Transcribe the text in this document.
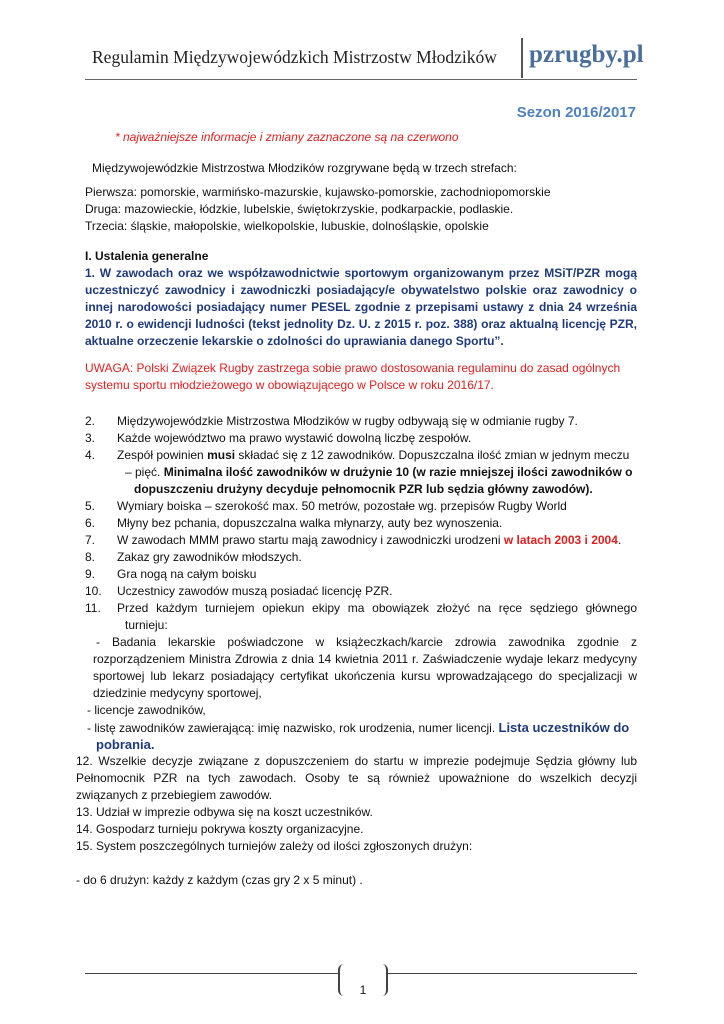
Regulamin Międzywojewódzkich Mistrzostw Młodzików pzrugby.pl
Sezon 2016/2017
* najważniejsze informacje i zmiany zaznaczone są na czerwono
Międzywojewódzkie Mistrzostwa Młodzików rozgrywane będą w trzech strefach:
Pierwsza: pomorskie, warmińsko-mazurskie, kujawsko-pomorskie, zachodniopomorskie
Druga: mazowieckie, łódzkie, lubelskie, świętokrzyskie, podkarpackie, podlaskie.
Trzecia: śląskie, małopolskie, wielkopolskie, lubuskie, dolnośląskie, opolskie
I. Ustalenia generalne
1. W zawodach oraz we współzawodnictwie sportowym organizowanym przez MSiT/PZR mogą uczestniczyć zawodnicy i zawodniczki posiadający/e obywatelstwo polskie oraz zawodnicy o innej narodowości posiadający numer PESEL zgodnie z przepisami ustawy z dnia 24 września 2010 r. o ewidencji ludności (tekst jednolity Dz. U. z 2015 r. poz. 388) oraz aktualną licencję PZR, aktualne orzeczenie lekarskie o zdolności do uprawiania danego Sportu”.
UWAGA: Polski Związek Rugby zastrzega sobie prawo dostosowania regulaminu do zasad ogólnych
systemu sportu młodzieżowego w obowiązującego w Polsce w roku 2016/17.
2. Międzywojewódzkie Mistrzostwa Młodzików w rugby odbywają się w odmianie rugby 7.
3. Każde województwo ma prawo wystawić dowolną liczbę zespołów.
4. Zespół powinien musi składać się z 12 zawodników. Dopuszczalna ilość zmian w jednym meczu
– pięć. Minimalna ilość zawodników w drużynie 10 (w razie mniejszej ilości zawodników o
dopuszczeniu drużyny decyduje pełnomocnik PZR lub sędzia główny zawodów).
5. Wymiary boiska – szerokość max. 50 metrów, pozostałe wg. przepisów Rugby World
6. Młyny bez pchania, dopuszczalna walka młynarzy, auty bez wynoszenia.
7. W zawodach MMM prawo startu mają zawodnicy i zawodniczki urodzeni w latach 2003 i 2004.
8. Zakaz gry zawodników młodszych.
9. Gra nogą na całym boisku
10. Uczestnicy zawodów muszą posiadać licencję PZR.
11. Przed każdym turniejem opiekun ekipy ma obowiązek złożyć na ręce sędziego głównego
turnieju:
- Badania lekarskie poświadczone w książeczkach/karcie zdrowia zawodnika zgodnie z rozporządzeniem Ministra Zdrowia z dnia 14 kwietnia 2011 r. Zaświadczenie wydaje lekarz medycyny sportowej lub lekarz posiadający certyfikat ukończenia kursu wprowadzającego do specjalizacji w dziedzinie medycyny sportowej,
- licencje zawodników,
- listę zawodników zawierającą: imię nazwisko, rok urodzenia, numer licencji. Lista uczestników do
pobrania.
12. Wszelkie decyzje związane z dopuszczeniem do startu w imprezie podejmuje Sędzia główny lub Pełnomocnik PZR na tych zawodach. Osoby te są również upoważnione do wszelkich decyzji związanych z przebiegiem zawodów.
13. Udział w imprezie odbywa się na koszt uczestników.
14. Gospodarz turnieju pokrywa koszty organizacyjne.
15. System poszczególnych turniejów zależy od ilości zgłoszonych drużyn:
- do 6 drużyn: każdy z każdym (czas gry 2 x 5 minut) .
1
